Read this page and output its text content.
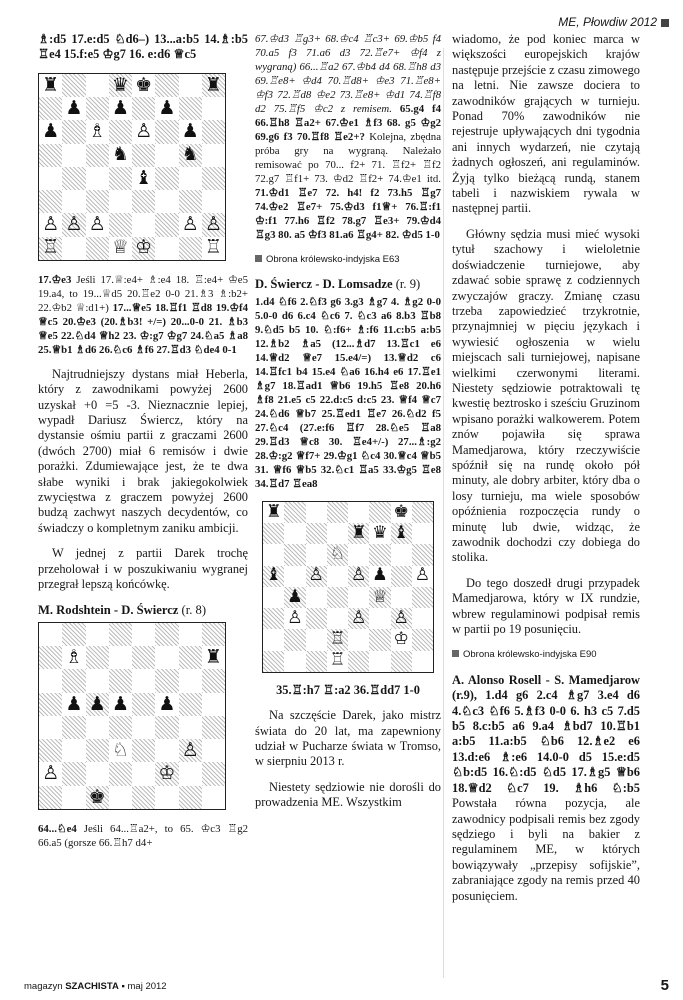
ME, Płowdiw 2012

♗:d5 17.e:d5 ♘d6–) 13...a:b5 14.♗:b5 ♖e4 15.f:e5 ♔g7 16. e:d6 ♕c5

♜	♛ ♚	♜
♟ ♟ ♟
♟ ♗ ♙ ♟
♞	♞
♝
♙ ♙ ♙	♙ ♙
♖	♕ ♔	♖

17.♔e3 Jeśli 17.♕:e4+ ♗:e4 18. ♖:e4+ ♔e5 19.a4, to 19...♕d5 20.♖e2 0-0 21.♗3 ♗:b2+ 22.♔b2 ♕:d1+) 17...♕e5 18.♖f1 ♖d8 19.♔f4 ♕c5 20.♔e3 (20.♗b3! +/=) 20...0-0 21. ♗b3 ♕e5 22.♘d4 ♕h2 23. ♔:g7 ♔g7 24.♘a5 ♗a8 25.♕b1 ♗d6 26.♘c6 ♗f6 27.♖d3 ♘de4 0-1

Najtrudniejszy dystans miał Heberla, który z zawodnikami powyżej 2600 uzyskał +0 =5 -3. Nieznacznie lepiej, wypadł Dariusz Świercz, który na dystansie ośmiu partii z graczami 2600 (dwóch 2700) miał 6 remisów i dwie porażki. Zdumiewające jest, że te dwa słabe wyniki i brak jakiegokolwiek zwycięstwa z graczem powyżej 2600 budzą zachwyt naszych decydentów, co świadczy o kompletnym zaniku ambicji.

W jednej z partii Darek trochę przeholował i w poszukiwaniu wygranej przegrał lepszą końcówkę.

M. Rodshtein - D. Świercz (r. 8)
♗	♜
♟ ♟ ♟ ♟
♘	♙
♙	♔
♚

64...♘e4 Jeśli 64...♖a2+, to 65. ♔c3 ♖g2 66.a5 (gorsze 66.♖h7 d4+

67.♔d3 ♖g3+ 68.♔c4 ♖c3+ 69.♔b5 f4 70.a5 f3 71.a6 d3 72.♖e7+ ♔f4 z wygraną) 66...♖a2 67.♔b4 d4 68.♖h8 d3 69.♖e8+ ♔d4 70.♖d8+ ♔e3 71.♖e8+ ♔f3 72.♖d8 ♔e2 73.♖e8+ ♔d1 74.♖f8 d2 75.♖f5 ♔c2 z remisem. 65.g4 f4 66.♖h8 ♖a2+ 67.♔e1 ♗f3 68. g5 ♔g2 69.g6 f3 70.♖f8 ♖e2+? Kolejna, zbędna próba gry na wygraną. Należało remisować po 70... f2+ 71. ♖f2+ ♖f2 72.g7 ♖f1+ 73. ♔d2 ♖f2+ 74.♔e1 itd. 71.♔d1 ♖e7 72. h4! f2 73.h5 ♖g7 74.♔e2 ♖e7+ 75.♔d3 f1♕+ 76.♖:f1 ♔:f1 77.h6 ♖f2 78.g7 ♖e3+ 79.♔d4 ♖g3 80. a5 ♔f3 81.a6 ♖g4+ 82. ♔d5 1-0

Obrona królewsko-indyjska E63
D. Świercz - D. Lomsadze (r. 9)

1.d4 ♘f6 2.♘f3 g6 3.g3 ♗g7 4. ♗g2 0-0 5.0-0 d6 6.c4 ♘c6 7. ♘c3 a6 8.b3 ♖b8 9.♘d5 b5 10. ♘:f6+ ♗:f6 11.c:b5 a:b5 12.♗b2 ♗a5 (12...♗d7 13.♖c1 e6 14.♕d2 ♕e7 15.e4/=) 13.♕d2 c6 14.♖fc1 b4 15.e4 ♘a6 16.h4 e6 17.♖e1 ♗g7 18.♖ad1 ♕b6 19.h5 ♖e8 20.h6 ♗f8 21.e5 c5 22.d:c5 d:c5 23. ♕f4 ♕c7 24.♘d6 ♕b7 25.♖ed1 ♖e7 26.♘d2 f5 27.♘c4 (27.e:f6 ♖f7 28.♘e5 ♖a8 29.♖d3 ♕c8 30. ♖e4+/-) 27...♗:g2 28.♔:g2 ♕f7+ 29.♔g1 ♘c4 30.♕c4 ♕b5 31. ♕f6 ♕b5 32.♘c1 ♖a5 33.♔g5 ♖e8 34.♖d7 ♖ea8

♜	♚
♜ ♛ ♝
♘
♝ ♙ ♙ ♟ ♙
♟	♕
♙
♙	♙
♖	♔
♖

35.♖:h7 ♖:a2 36.♖dd7 1-0

Na szczęście Darek, jako mistrz świata do 20 lat, ma zapewniony udział w Pucharze świata w Tromso, w sierpniu 2013 r.

Niestety sędziowie nie dorośli do prowadzenia ME. Wszystkim

wiadomo, że pod koniec marca w większości europejskich krajów następuje przejście z czasu zimowego na letni. Nie zawsze dociera to zawodników grających w turnieju. Ponad 70% zawodników nie rejestruje upływających dni tygodnia ani innych wydarzeń, nie czytają żadnych ogłoszeń, ani regulaminów. Żyją tylko bieżącą rundą, stanem tabeli i nazwiskiem rywala w następnej partii.

Główny sędzia musi mieć wysoki tytuł szachowy i wieloletnie doświadczenie turniejowe, aby zdawać sobie sprawę z codziennych zwyczajów graczy. Zmianę czasu trzeba zapowiedzieć trzykrotnie, przynajmniej w pięciu językach i wywiesić ogłoszenia w wielu miejscach sali turniejowej, napisane wielkimi czerwonymi literami. Niestety sędziowie potraktowali tę kwestię beztrosko i sześciu Gruzinom wpisano porażki walkowerem. Potem znów pojawiła się sprawa Mamedjarowa, który rzeczywiście spóźnił się na rundę około pół minuty, ale dobry arbiter, który dba o losy turnieju, ma wiele sposobów opóźnienia rozpoczęcia rundy o minutę lub dwie, widząc, że zawodnik dochodzi czy dobiega do stolika.

Do tego doszedł drugi przypadek Mamedjarowa, który w IX rundzie, wbrew regulaminowi podpisał remis w partii po 19 posunięciu.

Obrona królewsko-indyjska E90

A. Alonso Rosell - S. Mamedjarow (r.9), 1.d4 g6 2.c4 ♗g7 3.e4 d6 4.♘c3 ♘f6 5.♗f3 0-0 6. h3 c5 7.d5 b5 8.c:b5 a6 9.a4 ♗bd7 10.♖b1 a:b5 11.a:b5 ♘b6 12.♗e2 e6 13.d:e6 ♗:e6 14.0-0 d5 15.e:d5 ♘b:d5 16.♘:d5 ♘d5 17.♗g5 ♕b6 18.♕d2 ♘c7 19. ♗h6 ♘:b5 Powstała równa pozycja, ale zawodnicy podpisali remis bez zgody sędziego i byli na bakier z regulaminem ME, w których bowiązywały „przepisy sofijskie”, zabraniające zgody na remis przed 40 posunięciem.

magazyn SZACHISTA ▪ maj 2012	5
